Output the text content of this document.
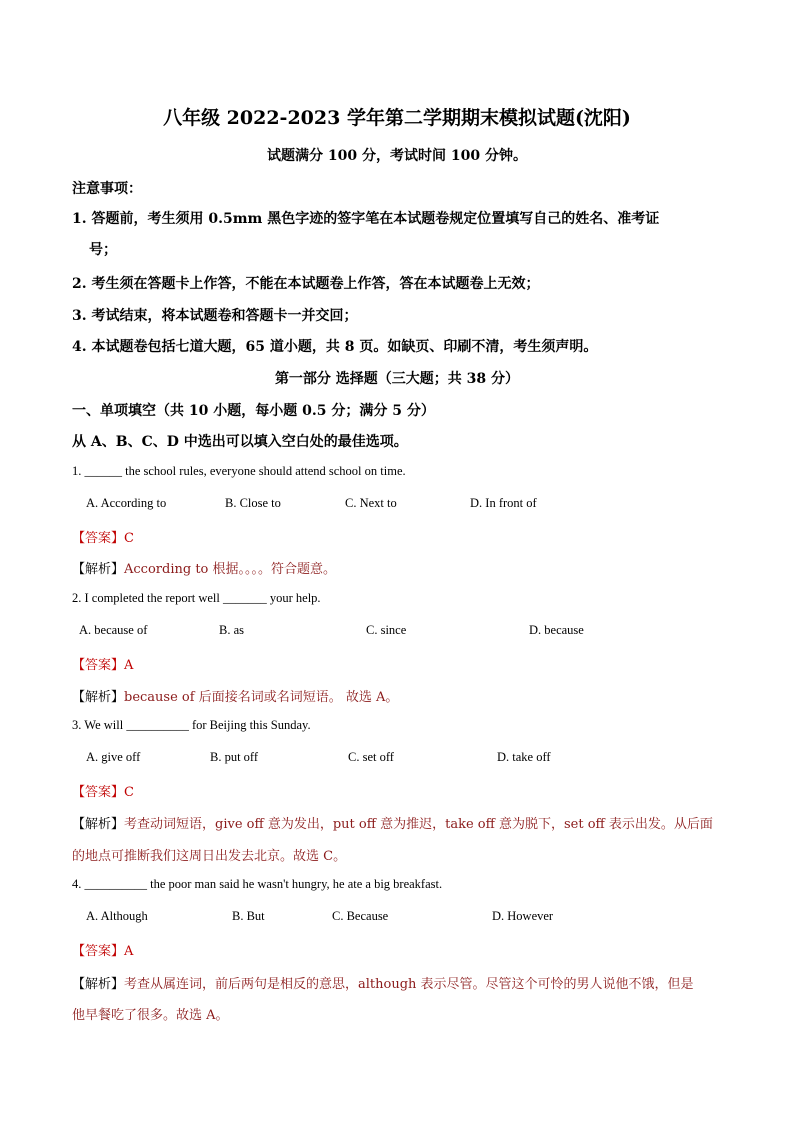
八年级 2022-2023 学年第二学期期末模拟试题(沈阳)
试题满分 100 分，考试时间 100 分钟。
注意事项：
1. 答题前，考生须用 0.5mm 黑色字迹的签字笔在本试题卷规定位置填写自己的姓名、准考证
号；
2. 考生须在答题卡上作答，不能在本试题卷上作答，答在本试题卷上无效；
3. 考试结束，将本试题卷和答题卡一并交回；
4. 本试题卷包括七道大题，65 道小题，共 8 页。如缺页、印刷不清，考生须声明。
第一部分 选择题（三大题；共 38 分）
一、单项填空（共 10 小题，每小题 0.5 分；满分 5 分）
从 A、B、C、D 中选出可以填入空白处的最佳选项。
1. ______ the school rules, everyone should attend school on time.
A. According to	B. Close to	C. Next to	D. In front of
【答案】C
【解析】According to 根据。。。。符合题意。
2. I completed the report well _______ your help.
A. because of	B. as	C. since	D. because
【答案】A
【解析】because of 后面接名词或名词短语。 故选 A。
3. We will __________ for Beijing this Sunday.
A. give off	B. put off	C. set off	D. take off
【答案】C
【解析】考查动词短语，give off 意为发出，put off 意为推迟，take off 意为脱下，set off 表示出发。从后面
的地点可推断我们这周日出发去北京。故选 C。
4. __________ the poor man said he wasn't hungry, he ate a big breakfast.
A. Although	B. But	C. Because	D. However
【答案】A
【解析】考查从属连词，前后两句是相反的意思，although 表示尽管。尽管这个可怜的男人说他不饿，但是
他早餐吃了很多。故选 A。
